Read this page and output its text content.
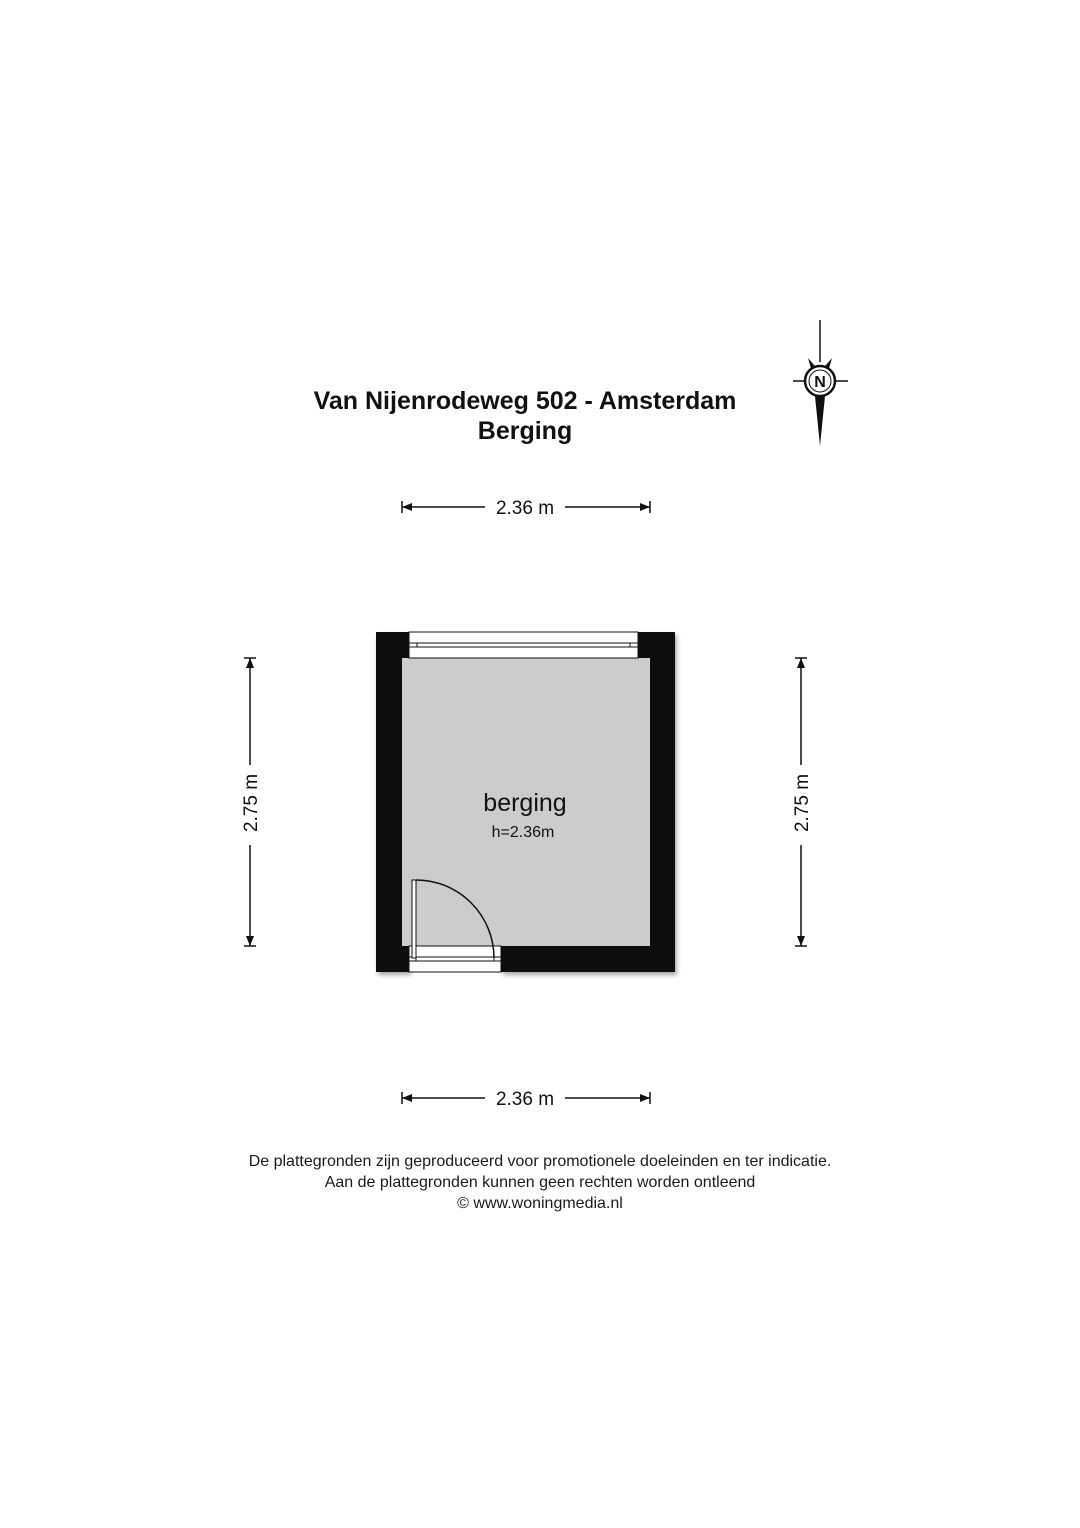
Van Nijenrodeweg 502 - Amsterdam
Berging
N
2.36 m
2.36 m
2.75 m	2.75 m
berging
h=2.36m
De plattegronden zijn geproduceerd voor promotionele doeleinden en ter indicatie.
Aan de plattegronden kunnen geen rechten worden ontleend
© www.woningmedia.nl
